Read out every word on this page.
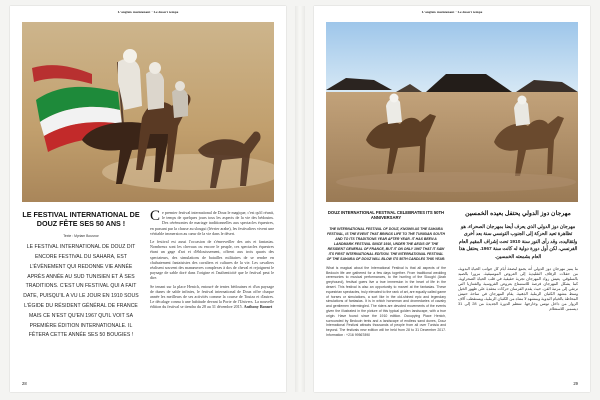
L'anglais maintenant · Le desert tempe
LE FESTIVAL INTERNATIONAL DE DOUZ FÊTE SES 50 ANS !
Texte : Myriam Bousnor

LE FESTIVAL INTERNATIONAL DE DOUZ DIT ENCORE FESTIVAL DU SAHARA, EST L'ÉVÈNEMENT QUI REDONNE VIE ANNÉE APRÈS ANNÉE AU SUD TUNISIEN ET À SES TRADITIONS. C'EST UN FESTIVAL QUI A FAIT DATE, PUISQU'IL A VU LE JOUR EN 1910 SOUS L'ÉGIDE DU RÉSIDENT GÉNÉRAL DE FRANCE MAIS CE N'EST QU'EN 1967 QU'IL VOIT SA PREMIÈRE ÉDITION INTERNATIONALE. IL FÊTERA CETTE ANNÉE SES 50 BOUGIES !

Ce premier festival international de Douz le magique, c'est qu'il réunit, le temps de quelques jours tous les aspects de la vie des bédouins. Des cérémonies de mariage traditionnelles aux spectacles équestres, en passant par la chasse au slougui (lévrier arabe), les festivaliers vivent une véritable immersion au cœur de la vie dans le désert.

Le festival est aussi l'occasion de s'émerveiller des arts et fantasias. Nombreux sont les chevaux ou encore le peuple, ces spectacles équestres étant un gage d'art et d'éblouissement, offrent aux trois quarts des spectateurs, des simulations de batailles militaires de se rendre en chahutement fantaisistes des cavaliers et cultures de la vie. Les cavaliers réalisent souvent des manœuvres complexes à dos de cheval et rejoignent le paysage de sable doré dans l'origine et l'authenticité que le festival peut le dire.

Se tenant sur la place Henich, entouré de tentes bédouines et d'un paysage de dunes de sable infinies, le festival international de Douz offre chaque année les meilleurs de ses activités comme la course de Touiza et d'autres. Le décalage connu à une habitude devant la Porte de l'Univers. La nouvelle édition du festival se tiendra du 28 au 31 décembre 2015. Anthony Bonnet

28
L'anglais maintenant · Le desert tempe
DOUZ INTERNATIONAL FESTIVAL CELEBRATES ITS 50TH ANNIVERSARY

THE INTERNATIONAL FESTIVAL OF DOUZ, KNOWN AS THE SAHARA FESTIVAL, IS THE EVENT THAT BRINGS LIFE TO THE TUNISIAN SOUTH AND TO ITS TRADITIONS YEAR AFTER YEAR. IT HAS BEEN A LANDMARK FESTIVAL SINCE 1910, UNDER THE AEGIS OF THE RESIDENT GENERAL OF FRANCE, BUT IT ON ONLY 1967 THAT IT SAW ITS FIRST INTERNATIONAL EDITION. THE INTERNATIONAL FESTIVAL OF THE SAHARA OF DOUZ WILL BLOW ITS 50TH CANDLES THIS YEAR.

What is magical about the International Festival is that all aspects of the Bedouin life are gathered for a few days together. From traditional wedding ceremonies to musical performances, to the hunting of the Sloughi (Arab greyhound), festival goers live a true immersion in the heart of life in the desert. This festival is also an opportunity to marvel at the fantasias. These equestrian spectacles, truly elevated to the rank of art, are equally called game of horses or simulations, a sort like in the old-shined epic and legendary simulations of fantasias. It is in which horseman and dromedaries of cavalry and gentlemen intermingled. The riders are devoted movements of the events given the illustrated in the picture of this typical golden landscape, with a true origin. Have found: since the 1910 edition. Occupying Place Henich, surrounded by Bedouin tents and a landscape of endless sand dunes, Douz International Festival attracts thousands of people from all over Tunisia and beyond. The festivals new edition will be held from 28 to 31 December 2017. Information : +216 99567890

مهرجان دوز الدولي يحتفل بعيده الخمسين

مهرجان دوز الدولي الذي يعرف أيضا بمهرجان الصحراء، هو تظاهرة تعيد الحركة إلى الجنوب التونسي سنة بعد أخرى ولتقاليده، وقد رأى النور سنة 1910 تحت إشراف المقيم العام الفرنسي، لكن أول دورة دولية له كانت سنة 1967. يحتفل هذا العام بشمعته الخمسين.

ما يميز مهرجان دوز الدولي أنه يجمع لبضعة أيام كل جوانب الحياة البدوية، من حفلات الزفاف التقليدية إلى العروض الموسيقية، مرورا بالصيد بالسلوقي. يعيش رواد المهرجان تجربة حقيقية في قلب الحياة الصحراوية. كما يشكل المهرجان فرصة للاستمتاع بعروض الفروسية والفنتازيا التي ترتقي إلى مرتبة الفن، حيث يقدم الفرسان حركات معقدة على ظهور الخيل وسط مشهد الكثبان الرملية الذهبية. يقام المهرجان في ساحة حنيش المحاطة بالخيام البدوية وبمشهد لا متناه من الكثبان الرملية، ويستقطب آلاف الزوار من داخل تونس وخارجها. تنتظم الدورة الجديدة من 28 إلى 31 ديسمبر. للاستعلام

29
